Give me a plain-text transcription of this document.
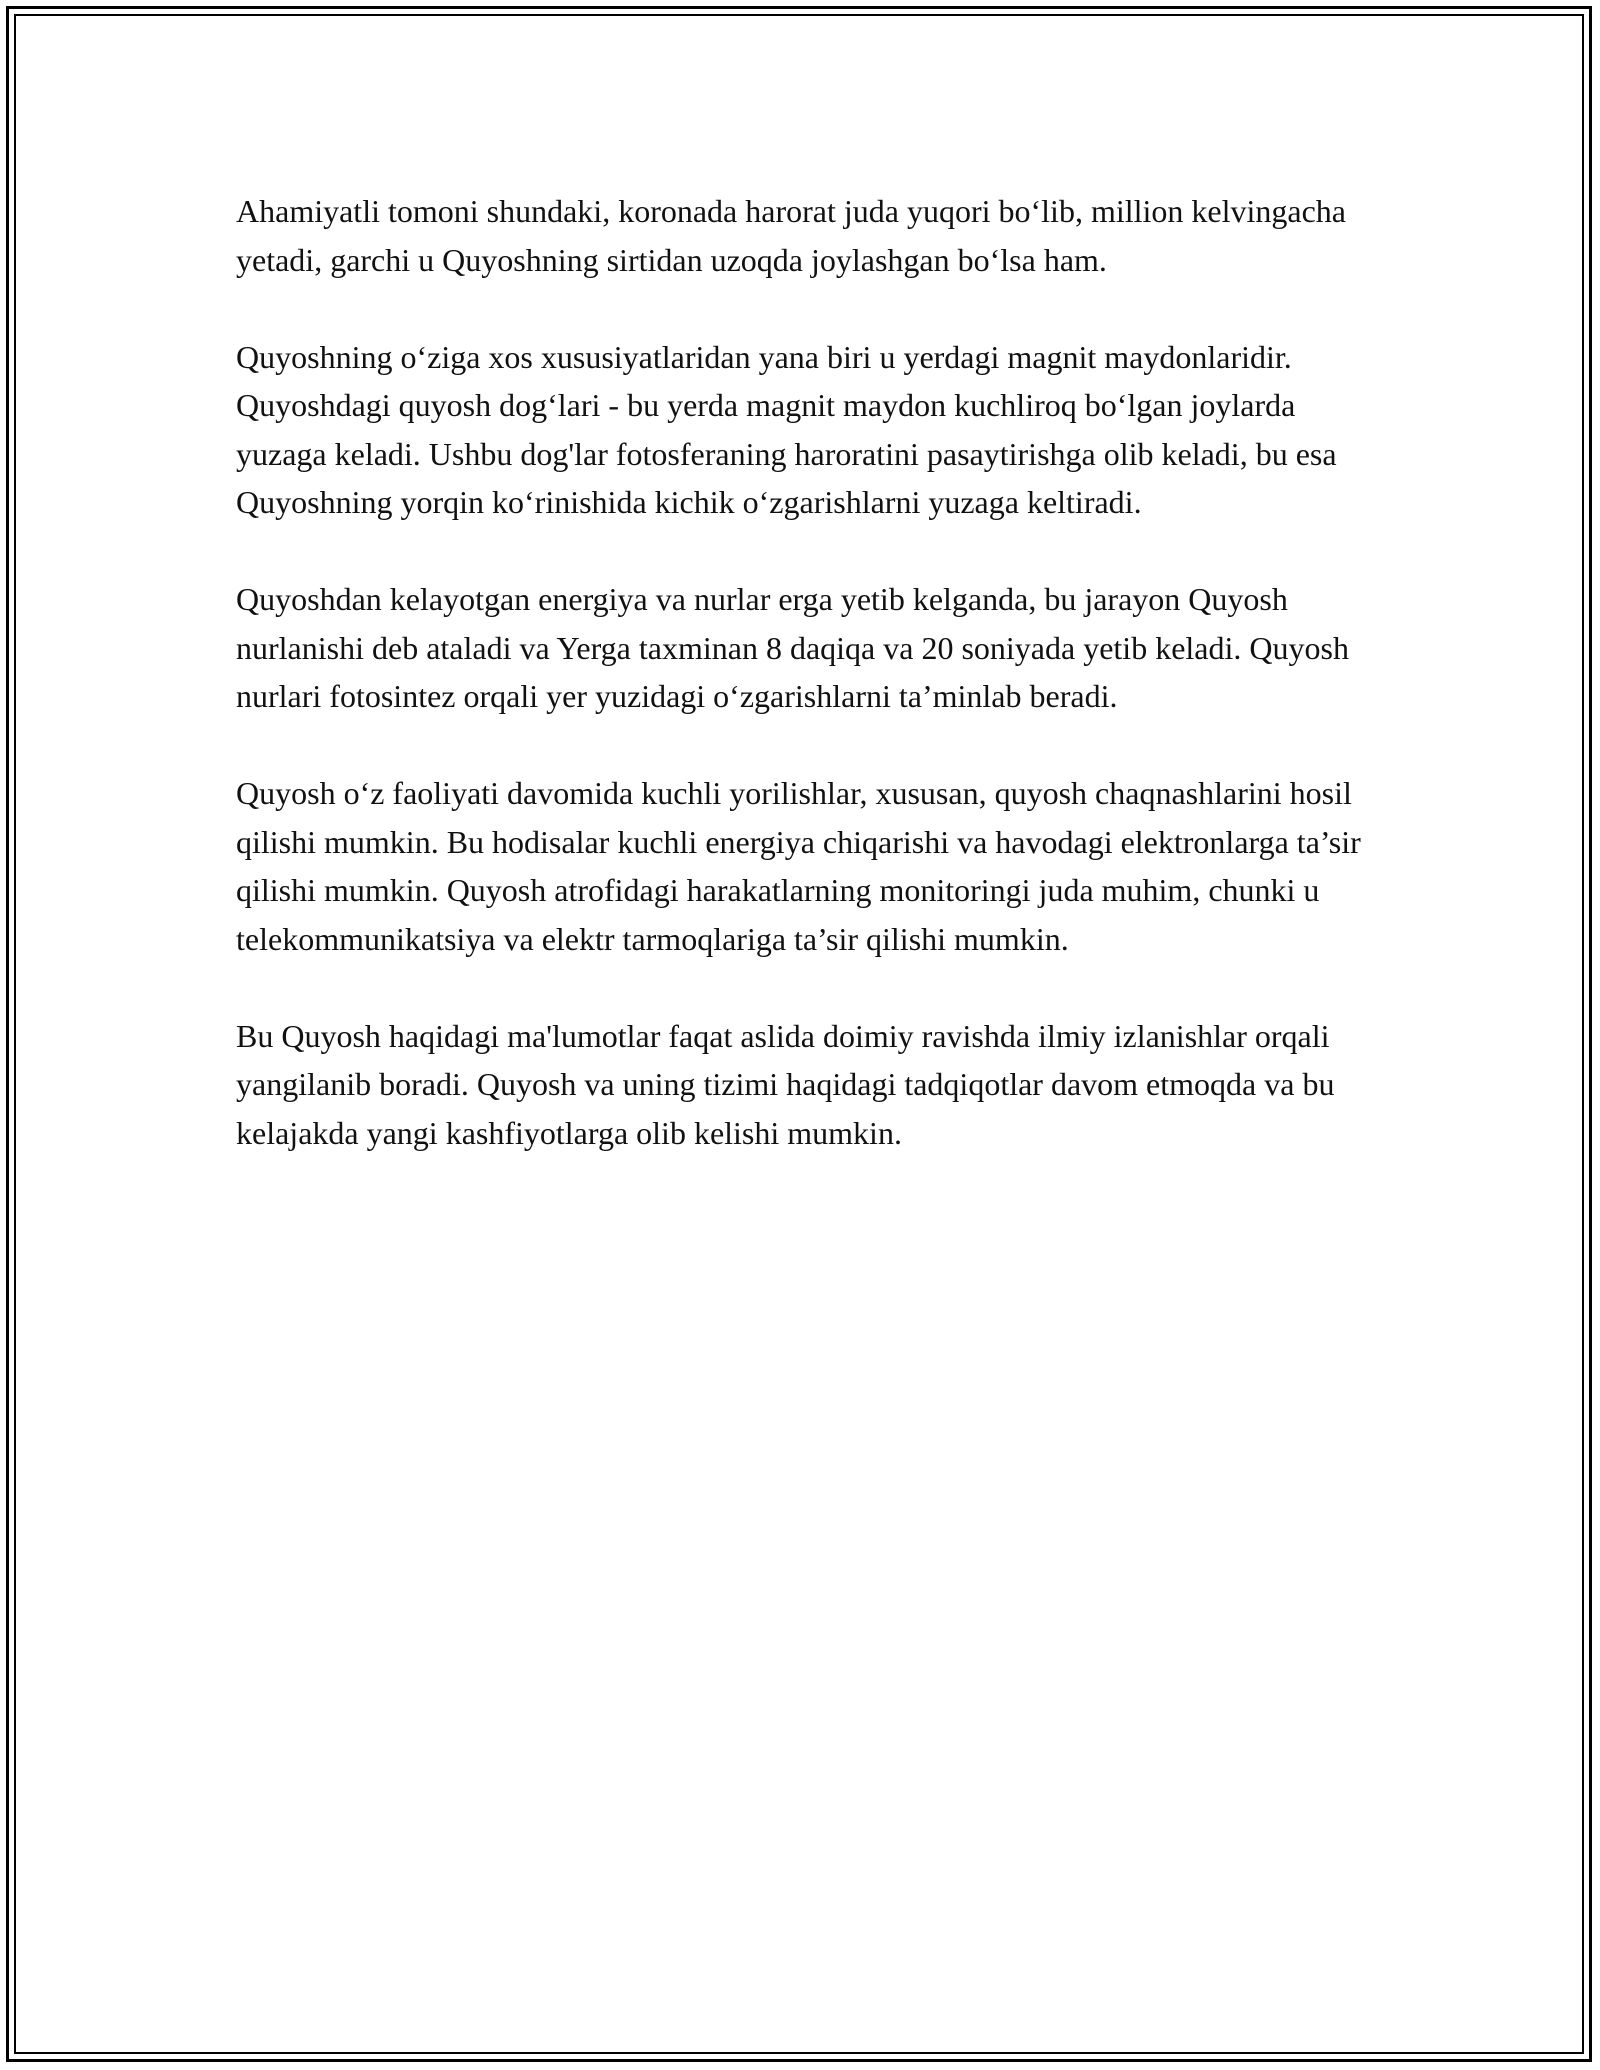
Ahamiyatli tomoni shundaki, koronada harorat juda yuqori bo‘lib, million kelvingacha yetadi, garchi u Quyoshning sirtidan uzoqda joylashgan bo‘lsa ham.

Quyoshning o‘ziga xos xususiyatlaridan yana biri u yerdagi magnit maydonlaridir. Quyoshdagi quyosh dog‘lari - bu yerda magnit maydon kuchliroq bo‘lgan joylarda yuzaga keladi. Ushbu dog'lar fotosferaning haroratini pasaytirishga olib keladi, bu esa Quyoshning yorqin ko‘rinishida kichik o‘zgarishlarni yuzaga keltiradi.

Quyoshdan kelayotgan energiya va nurlar erga yetib kelganda, bu jarayon Quyosh nurlanishi deb ataladi va Yerga taxminan 8 daqiqa va 20 soniyada yetib keladi. Quyosh nurlari fotosintez orqali yer yuzidagi o‘zgarishlarni ta’minlab beradi.

Quyosh o‘z faoliyati davomida kuchli yorilishlar, xususan, quyosh chaqnashlarini hosil qilishi mumkin. Bu hodisalar kuchli energiya chiqarishi va havodagi elektronlarga ta’sir qilishi mumkin. Quyosh atrofidagi harakatlarning monitoringi juda muhim, chunki u telekommunikatsiya va elektr tarmoqlariga ta’sir qilishi mumkin.

Bu Quyosh haqidagi ma'lumotlar faqat aslida doimiy ravishda ilmiy izlanishlar orqali yangilanib boradi. Quyosh va uning tizimi haqidagi tadqiqotlar davom etmoqda va bu kelajakda yangi kashfiyotlarga olib kelishi mumkin.
